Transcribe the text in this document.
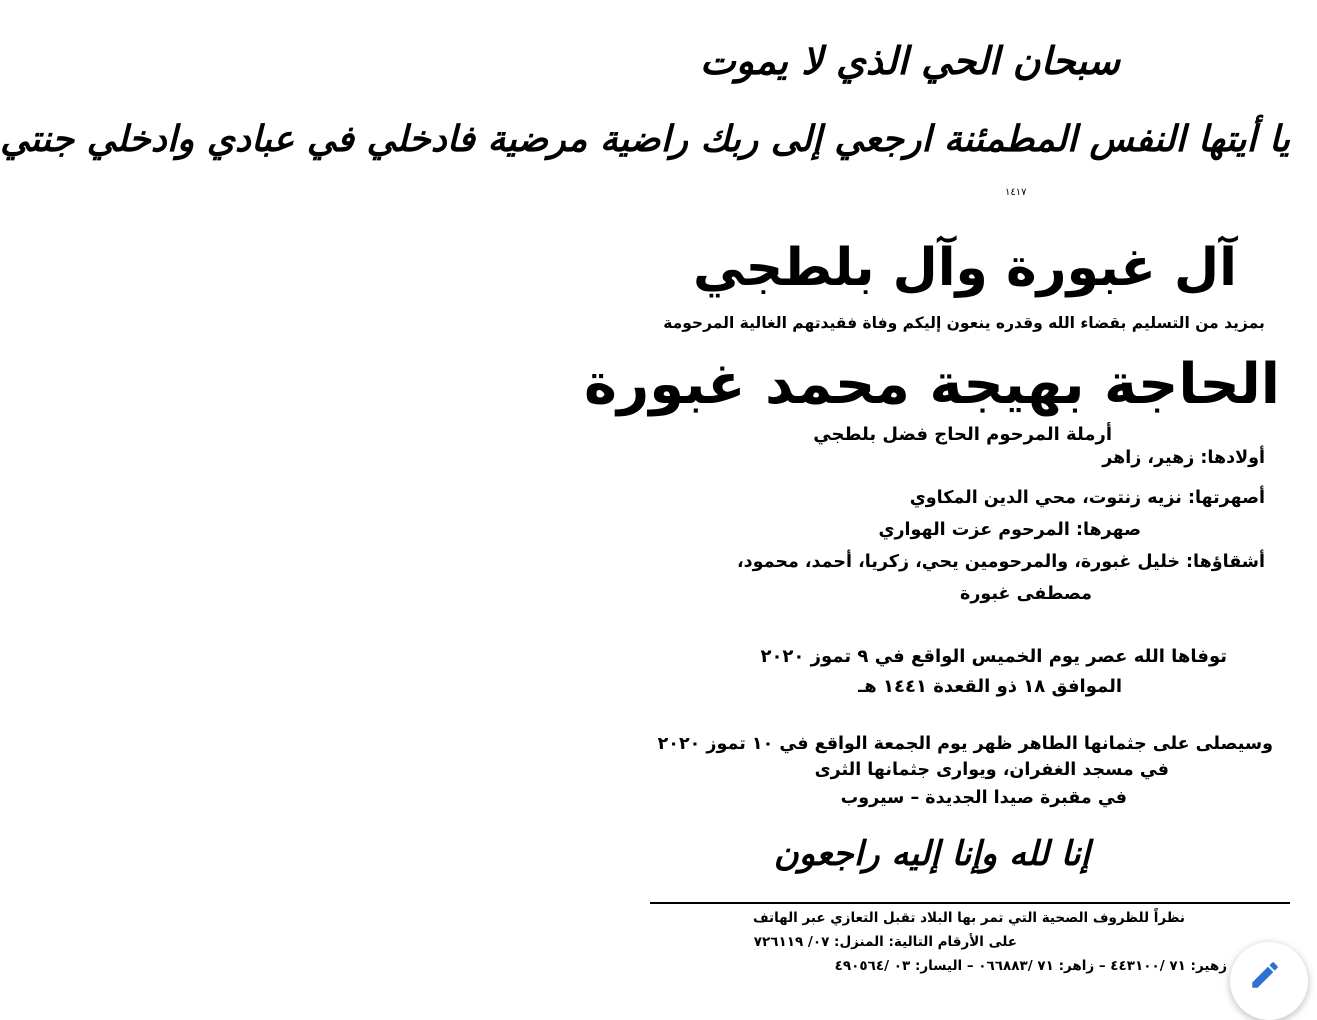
سبحان الحي الذي لا يموت
يا أيتها النفس المطمئنة ارجعي إلى ربك راضية مرضية فادخلي في عبادي وادخلي جنتي
١٤١٧
آل غبورة وآل بلطجي
بمزيد من التسليم بقضاء الله وقدره ينعون إليكم وفاة فقيدتهم الغالية المرحومة
الحاجة بهيجة محمد غبورة
أرملة المرحوم الحاج فضل بلطجي
أولادها: زهير، زاهر
أصهرتها: نزيه زنتوت، محي الدين المكاوي
صهرها: المرحوم عزت الهواري
أشقاؤها: خليل غبورة، والمرحومين يحي، زكريا، أحمد، محمود،
مصطفى غبورة
توفاها الله عصر يوم الخميس الواقع في ٩ تموز ٢٠٢٠
الموافق ١٨ ذو القعدة ١٤٤١ هـ
وسيصلى على جثمانها الطاهر ظهر يوم الجمعة الواقع في ١٠ تموز ٢٠٢٠
في مسجد الغفران، ويوارى جثمانها الثرى
في مقبرة صيدا الجديدة – سيروب
إنا لله وإنا إليه راجعون
نظراً للظروف الصحية التي تمر بها البلاد تقبل التعازي عبر الهاتف
على الأرقام التالية: المنزل: ٠٧/ ٧٢٦١١٩
زهير: ٧١ /٤٤٣١٠٠ – زاهر: ٧١ /٠٦٦٨٨٣ – اليسار: ٠٣ /٤٩٠٥٦٤
